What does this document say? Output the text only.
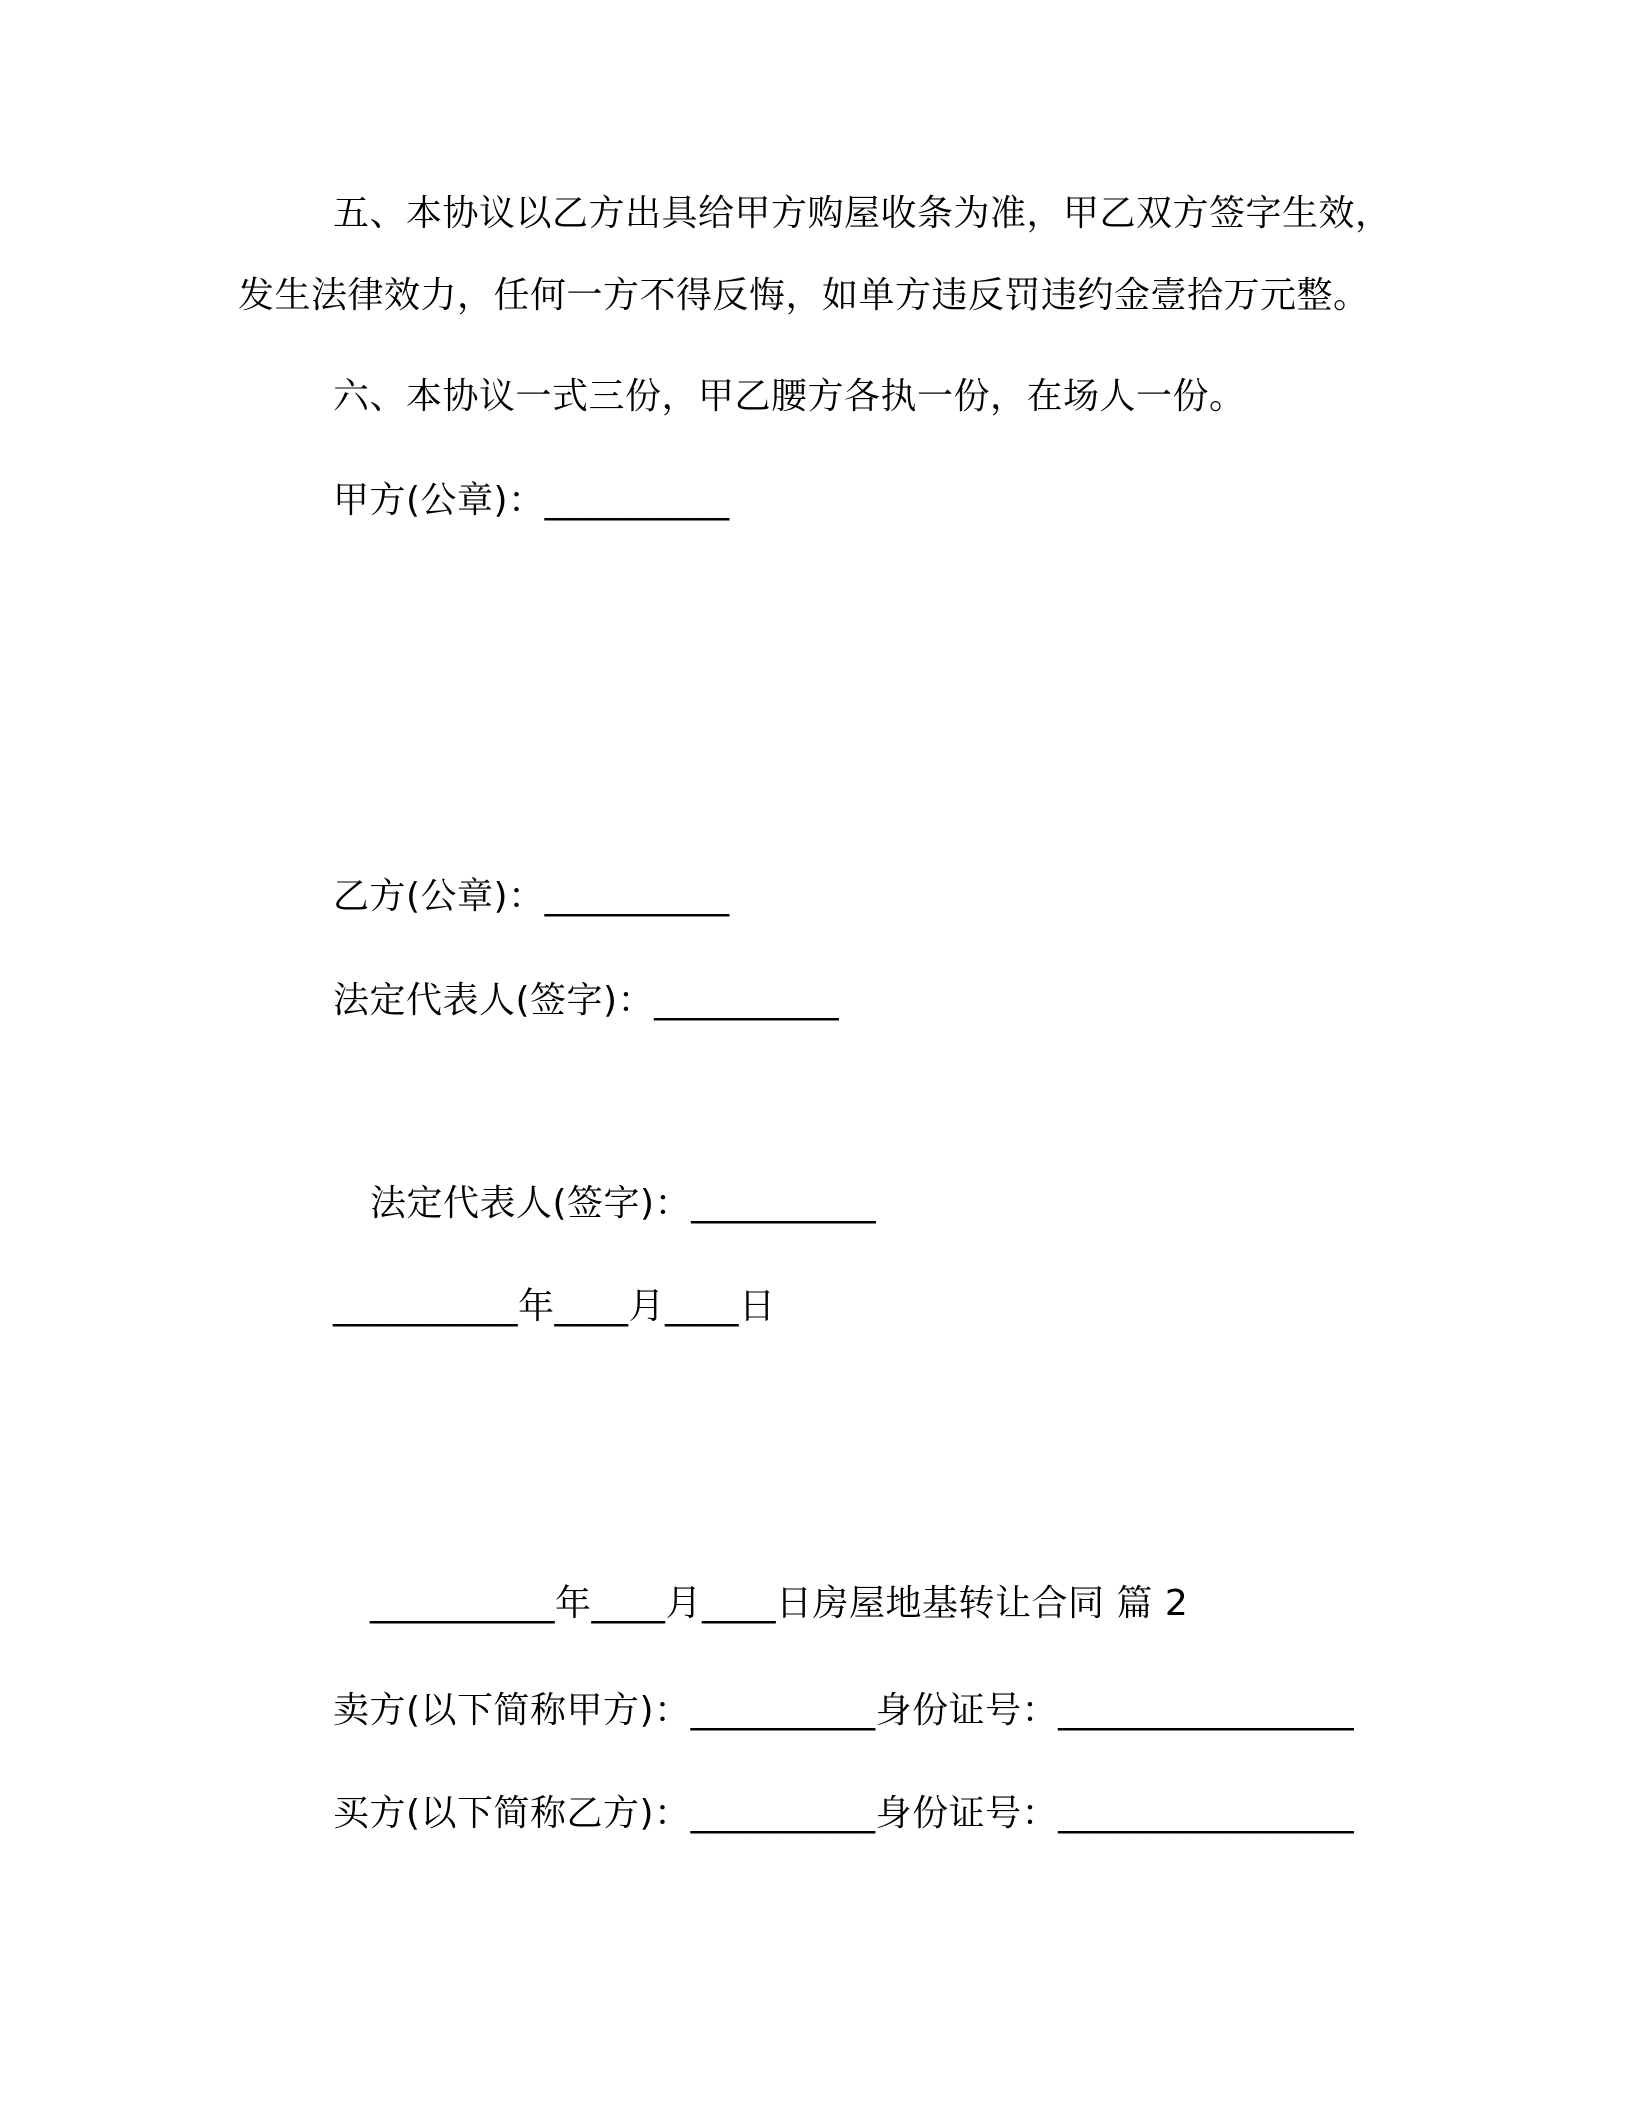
五、本协议以乙方出具给甲方购屋收条为准，甲乙双方签字生效，
发生法律效力，任何一方不得反悔，如单方违反罚违约金壹拾万元整。
六、本协议一式三份，甲乙腰方各执一份，在场人一份。
甲方(公章)：__________
乙方(公章)：__________
法定代表人(签字)：__________
法定代表人(签字)：__________
__________年____月____日
__________年____月____日房屋地基转让合同 篇 2
卖方(以下简称甲方)：__________身份证号：________________
买方(以下简称乙方)：__________身份证号：________________
